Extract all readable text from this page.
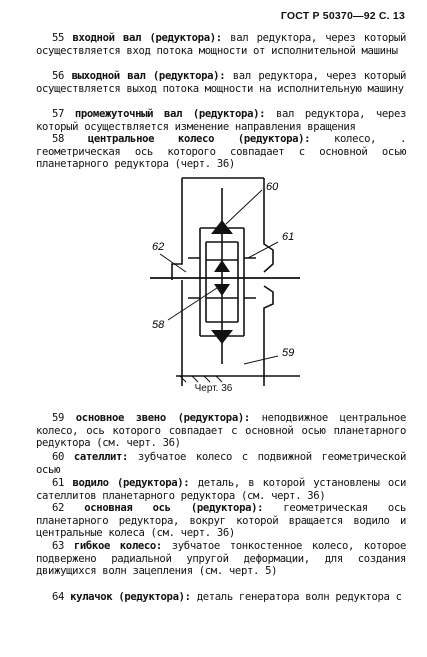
ГОСТ Р 50370—92 С. 13
55 входной вал (редуктора): вал редуктора, через который осуществляется вход потока мощности от исполнительной машины
56 выходной вал (редуктора): вал редуктора, через который осуществляется выход потока мощности на исполнительную машину
57 промежуточный вал (редуктора): вал редуктора, через который осуществляется изменение направления вращения
58 центральное колесо (редуктора): колесо, . геометрическая ось которого совпадает с основной осью планетарного редуктора (черт. 36)
60
61
62
58
59
Черт. 36
59 основное звено (редуктора): неподвижное центральное колесо, ось которого совпадает с основной осью планетарного редуктора (см. черт. 36)
60 сателлит: зубчатое колесо с подвижной геометрической осью
61 водило (редуктора): деталь, в которой установлены оси сателлитов планетарного редуктора (см. черт. 36)
62 основная ось (редуктора): геометрическая ось планетарного редуктора, вокруг которой вращается водило и центральные колеса (см. черт. 36)
63 гибкое колесо: зубчатое тонкостенное колесо, которое подвержено радиальной упругой деформации, для создания движущихся волн зацепления (см. черт. 5)
64 кулачок (редуктора): деталь генератора волн редуктора с
